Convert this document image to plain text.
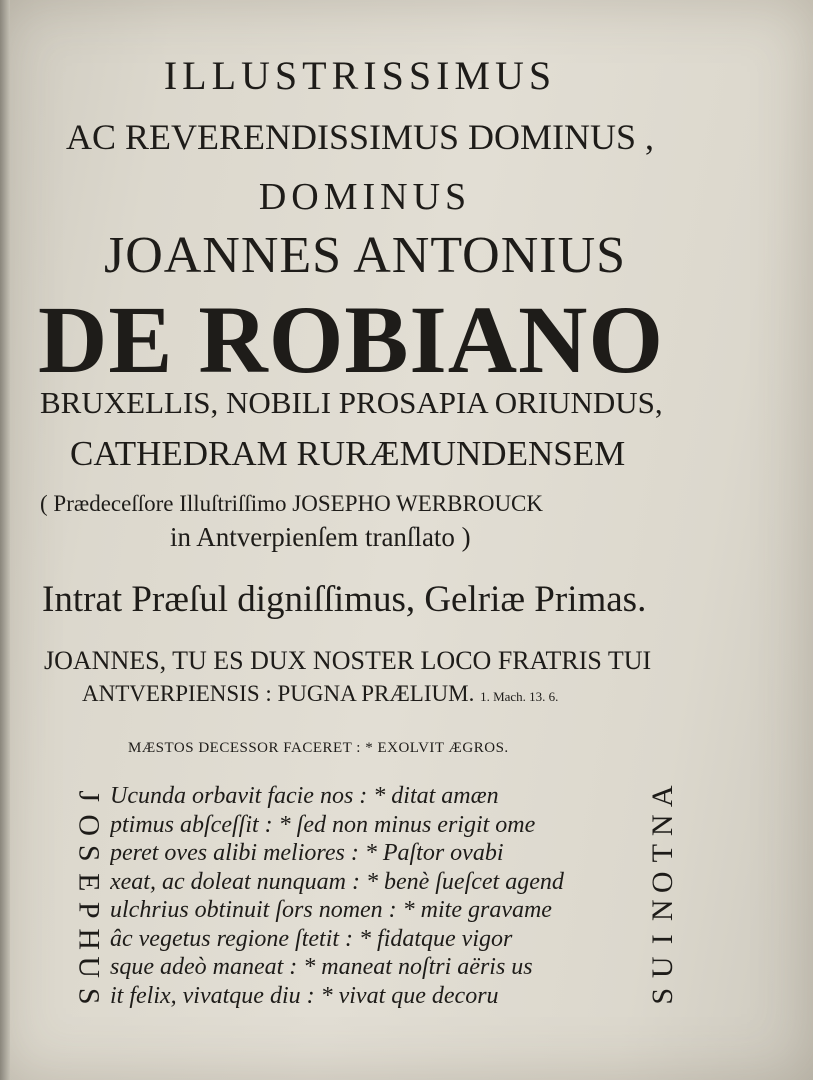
ILLUSTRISSIMUS
AC REVERENDISSIMUS DOMINUS ,
DOMINUS
JOANNES ANTONIUS
DE ROBIANO
BRUXELLIS, NOBILI PROSAPIA ORIUNDUS,
CATHEDRAM RURÆMUNDENSEM
( Prædeceſſore Illuſtriſſimo JOSEPHO WERBROUCK
in Antverpienſem tranſlato )
Intrat Præſul digniſſimus, Gelriæ Primas.
JOANNES, TU ES DUX NOSTER LOCO FRATRIS TUI
ANTVERPIENSIS : PUGNA PRÆLIUM. 1. Mach. 13. 6.
MÆSTOS DECESSOR FACERET : * EXOLVIT ÆGROS.
J
O
S
E
P
H
U
S
Ucunda orbavit facie nos : * ditat amæn
ptimus abſceſſit : * ſed non minus erigit ome
peret oves alibi meliores : * Paſtor ovabi
xeat, ac doleat nunquam : * benè ſueſcet agend
ulchrius obtinuit ſors nomen : * mite gravame
âc vegetus regione ſtetit : * fidatque vigor
sque adeò maneat : * maneat noſtri aëris us
it felix, vivatque diu : * vivat que decoru
A
N
T
O
N
I
U
S
